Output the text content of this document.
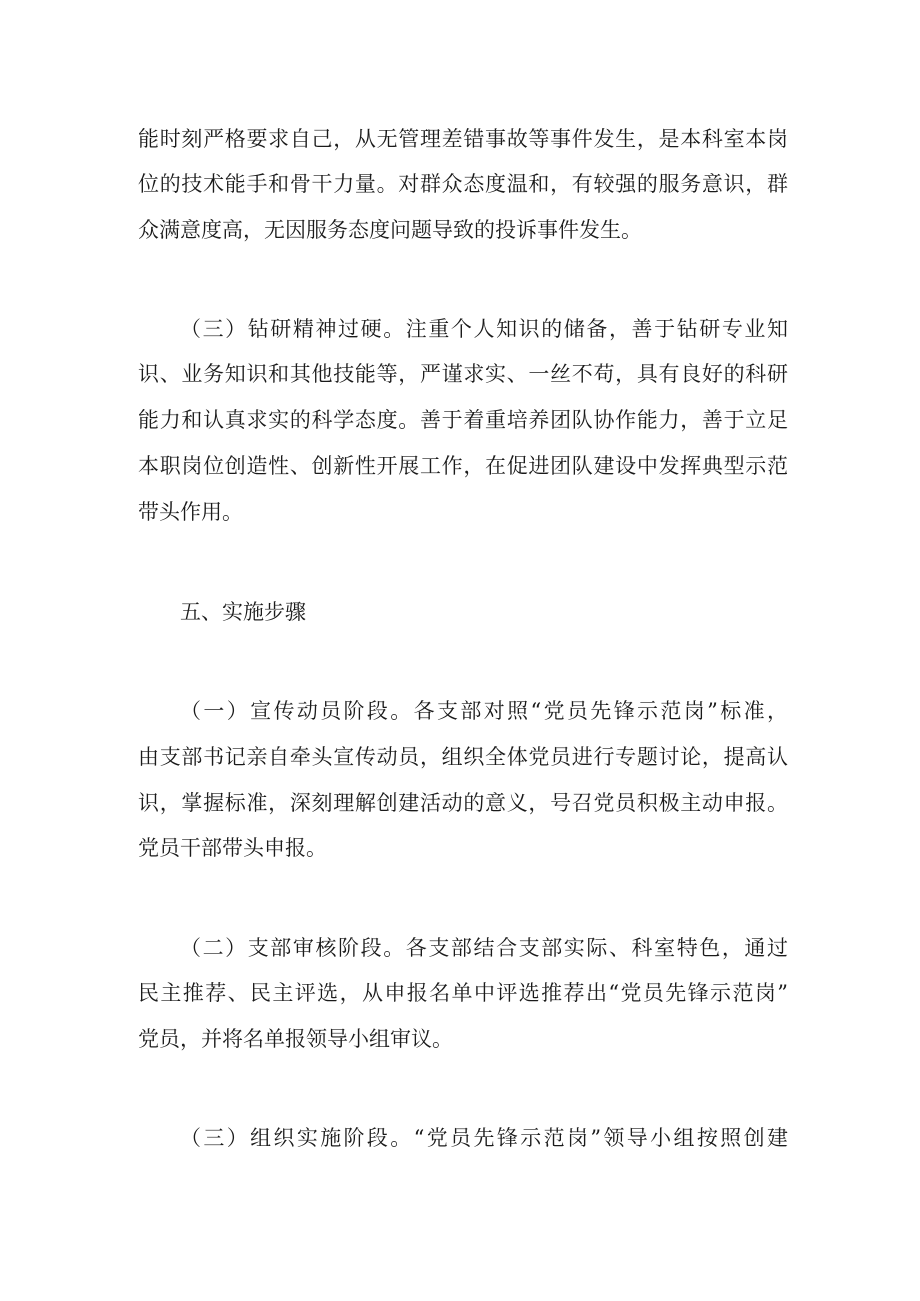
能时刻严格要求自己，从无管理差错事故等事件发生，是本科室本岗

位的技术能手和骨干力量。对群众态度温和，有较强的服务意识，群

众满意度高，无因服务态度问题导致的投诉事件发生。

（三）钻研精神过硬。注重个人知识的储备，善于钻研专业知

识、业务知识和其他技能等，严谨求实、一丝不苟，具有良好的科研

能力和认真求实的科学态度。善于着重培养团队协作能力，善于立足

本职岗位创造性、创新性开展工作，在促进团队建设中发挥典型示范

带头作用。

五、实施步骤

（一）宣传动员阶段。各支部对照“党员先锋示范岗”标准，

由支部书记亲自牵头宣传动员，组织全体党员进行专题讨论，提高认

识，掌握标准，深刻理解创建活动的意义，号召党员积极主动申报。

党员干部带头申报。

（二）支部审核阶段。各支部结合支部实际、科室特色，通过

民主推荐、民主评选，从申报名单中评选推荐出“党员先锋示范岗”

党员，并将名单报领导小组审议。

（三）组织实施阶段。“党员先锋示范岗”领导小组按照创建
